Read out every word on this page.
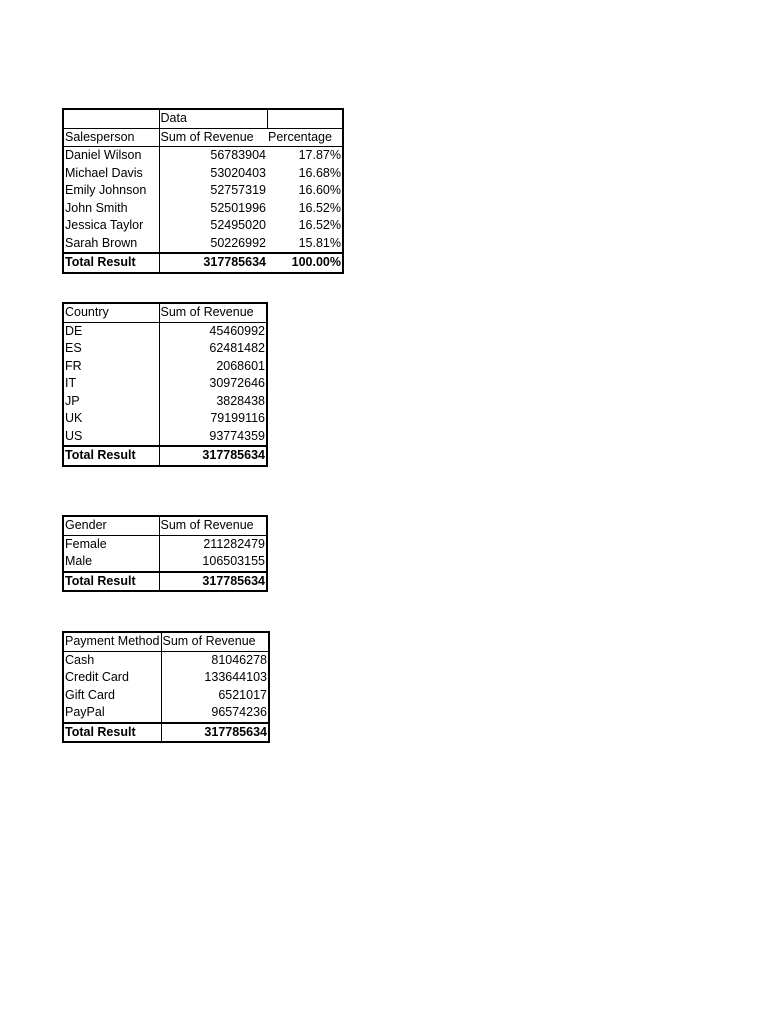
	Data	
Salesperson	Sum of Revenue	Percentage
Daniel Wilson	56783904	17.87%
Michael Davis	53020403	16.68%
Emily Johnson	52757319	16.60%
John Smith	52501996	16.52%
Jessica Taylor	52495020	16.52%
Sarah Brown	50226992	15.81%
Total Result	317785634	100.00%
Country	Sum of Revenue
DE	45460992
ES	62481482
FR	2068601
IT	30972646
JP	3828438
UK	79199116
US	93774359
Total Result	317785634
Gender	Sum of Revenue
Female	211282479
Male	106503155
Total Result	317785634
Payment Method	Sum of Revenue
Cash	81046278
Credit Card	133644103
Gift Card	6521017
PayPal	96574236
Total Result	317785634
